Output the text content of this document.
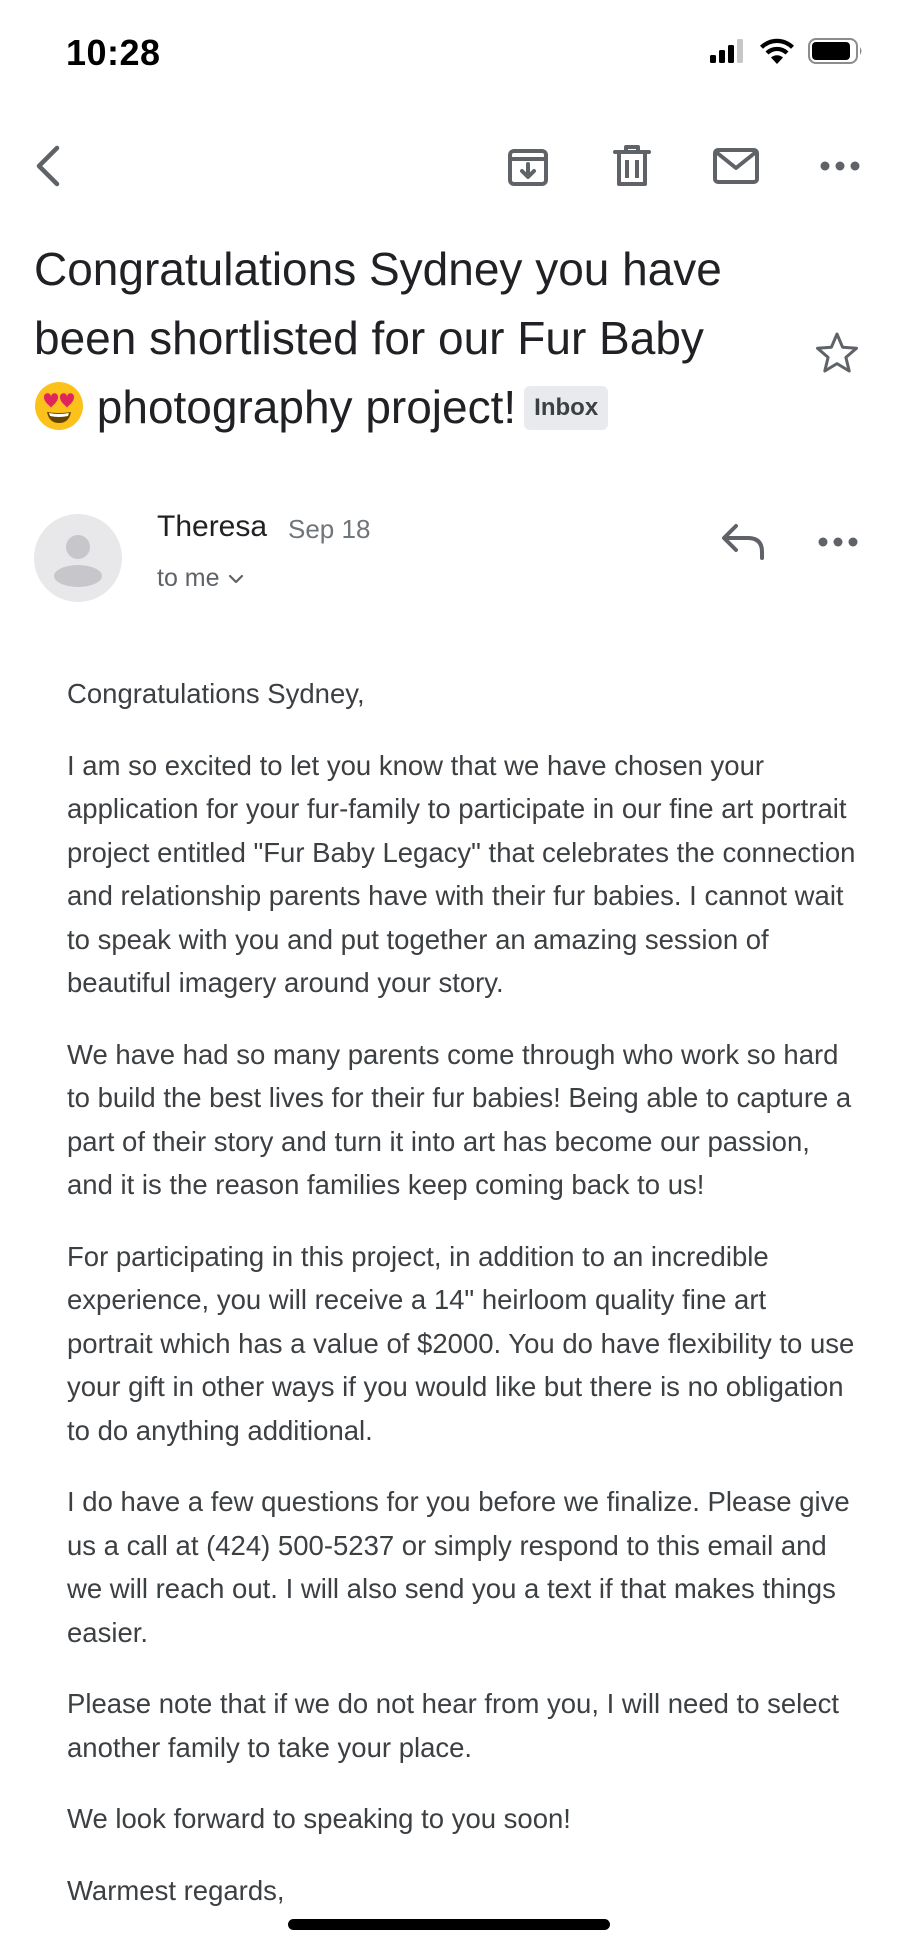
10:28
Congratulations Sydney you have been shortlisted for our Fur Baby
photography project! Inbox
Theresa Sep 18
to me

Congratulations Sydney,

I am so excited to let you know that we have chosen your application for your fur-family to participate in our fine art portrait project entitled "Fur Baby Legacy" that celebrates the connection and relationship parents have with their fur babies. I cannot wait to speak with you and put together an amazing session of beautiful imagery around your story.

We have had so many parents come through who work so hard to build the best lives for their fur babies! Being able to capture a part of their story and turn it into art has become our passion, and it is the reason families keep coming back to us!

For participating in this project, in addition to an incredible experience, you will receive a 14" heirloom quality fine art portrait which has a value of $2000. You do have flexibility to use your gift in other ways if you would like but there is no obligation to do anything additional.

I do have a few questions for you before we finalize. Please give us a call at (424) 500-5237 or simply respond to this email and we will reach out. I will also send you a text if that makes things easier.

Please note that if we do not hear from you, I will need to select another family to take your place.

We look forward to speaking to you soon!

Warmest regards,
